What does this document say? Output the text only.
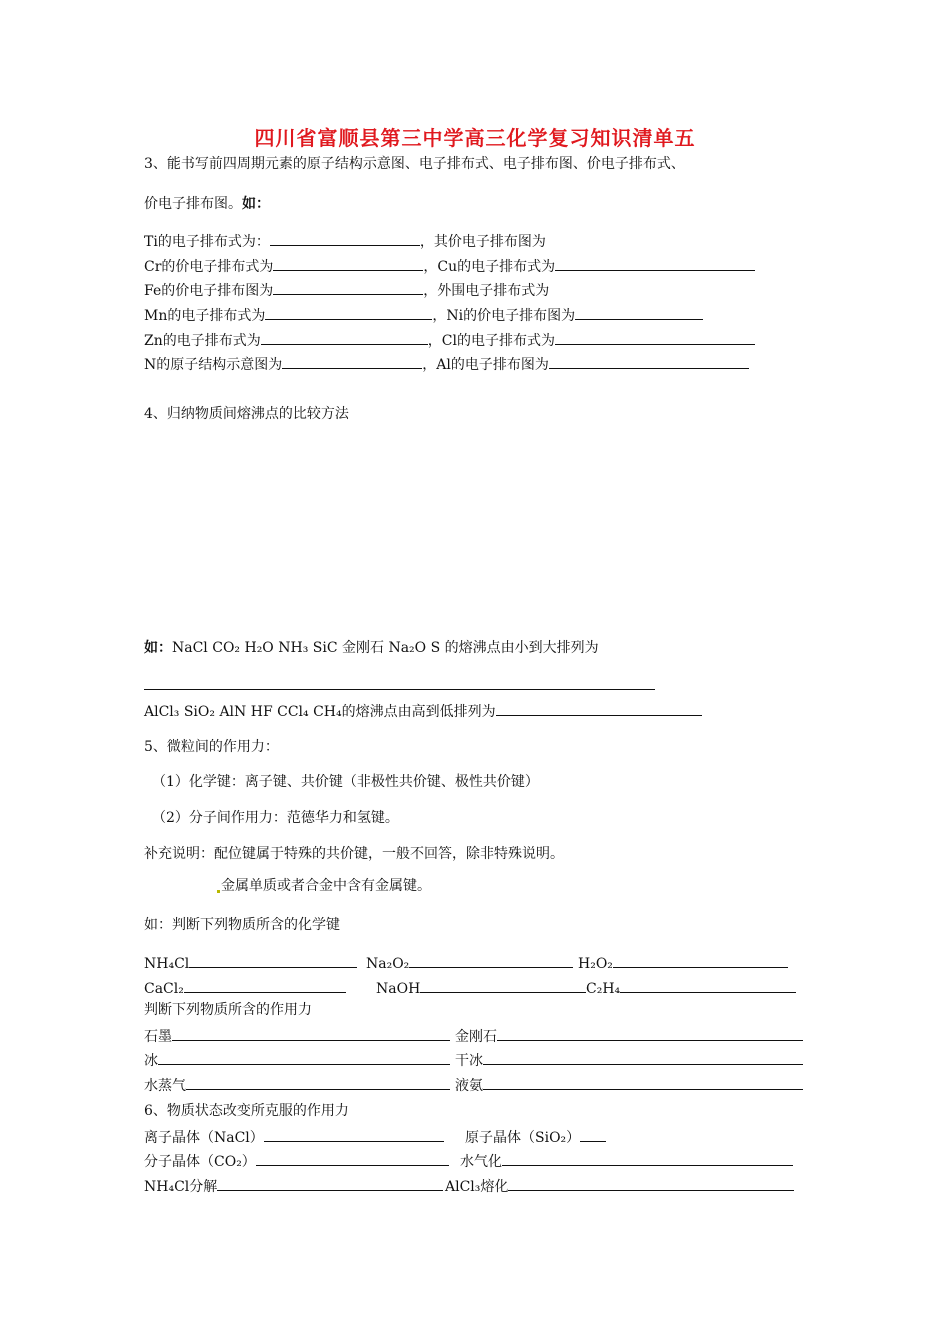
四川省富顺县第三中学高三化学复习知识清单五
3、能书写前四周期元素的原子结构示意图、电子排布式、电子排布图、价电子排布式、
价电子排布图。如：
Ti的电子排布式为：	，其价电子排布图为
Cr的价电子排布式为	，Cu的电子排布式为
Fe的价电子排布图为	，外围电子排布式为
Mn的电子排布式为	，Ni的价电子排布图为
Zn的电子排布式为	，Cl的电子排布式为
N的原子结构示意图为	，Al的电子排布图为
4、归纳物质间熔沸点的比较方法
如：NaCl CO₂ H₂O NH₃ SiC 金刚石 Na₂O S 的熔沸点由小到大排列为
AlCl₃ SiO₂ AlN HF CCl₄ CH₄的熔沸点由高到低排列为
5、微粒间的作用力：
（1）化学键：离子键、共价键（非极性共价键、极性共价键）
（2）分子间作用力：范德华力和氢键。
补充说明：配位键属于特殊的共价键，一般不回答，除非特殊说明。
金属单质或者合金中含有金属键。
如：判断下列物质所含的化学键
NH₄Cl	Na₂O₂	H₂O₂
CaCl₂	NaOH	C₂H₄
判断下列物质所含的作用力
石墨	金刚石
冰	干冰
水蒸气	液氨
6、物质状态改变所克服的作用力
离子晶体（NaCl）	原子晶体（SiO₂）
分子晶体（CO₂）	水气化
NH₄Cl分解	AlCl₃熔化
